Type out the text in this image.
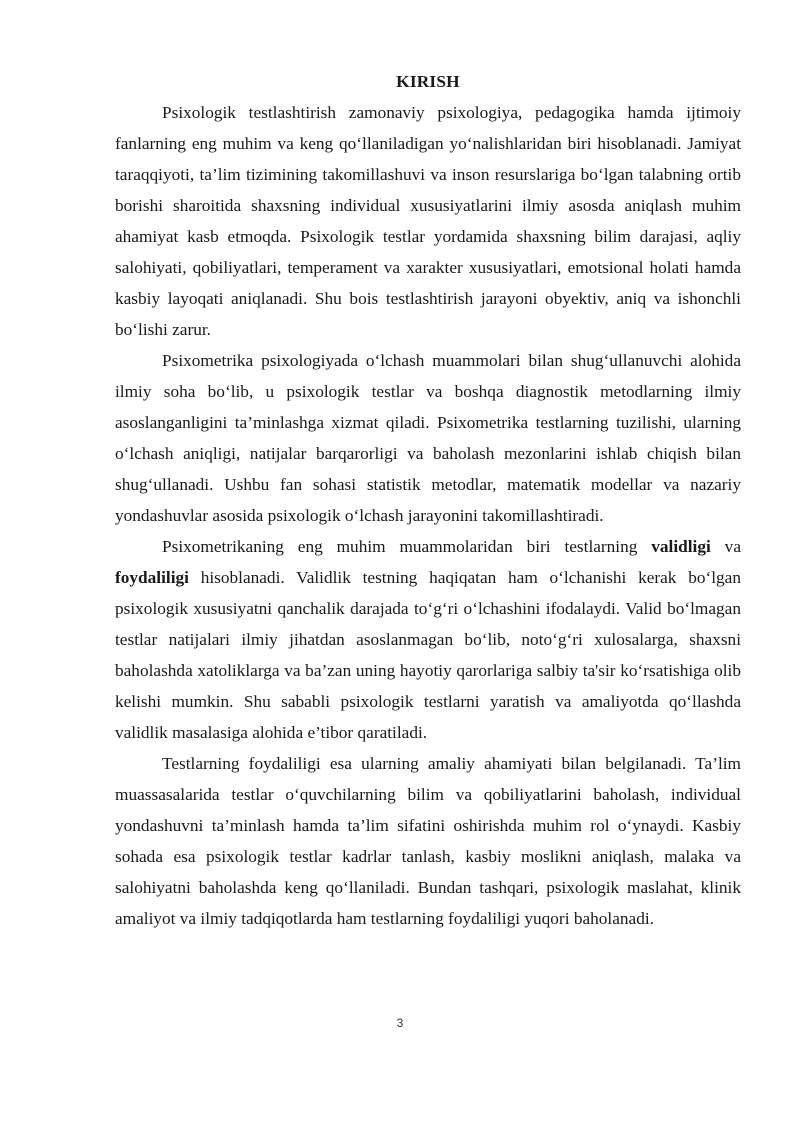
KIRISH

Psixologik testlashtirish zamonaviy psixologiya, pedagogika hamda ijtimoiy fanlarning eng muhim va keng qo‘llaniladigan yo‘nalishlaridan biri hisoblanadi. Jamiyat taraqqiyoti, ta’lim tizimining takomillashuvi va inson resurslariga bo‘lgan talabning ortib borishi sharoitida shaxsning individual xususiyatlarini ilmiy asosda aniqlash muhim ahamiyat kasb etmoqda. Psixologik testlar yordamida shaxsning bilim darajasi, aqliy salohiyati, qobiliyatlari, temperament va xarakter xususiyatlari, emotsional holati hamda kasbiy layoqati aniqlanadi. Shu bois testlashtirish jarayoni obyektiv, aniq va ishonchli bo‘lishi zarur.

Psixometrika psixologiyada o‘lchash muammolari bilan shug‘ullanuvchi alohida ilmiy soha bo‘lib, u psixologik testlar va boshqa diagnostik metodlarning ilmiy asoslanganligini ta’minlashga xizmat qiladi. Psixometrika testlarning tuzilishi, ularning o‘lchash aniqligi, natijalar barqarorligi va baholash mezonlarini ishlab chiqish bilan shug‘ullanadi. Ushbu fan sohasi statistik metodlar, matematik modellar va nazariy yondashuvlar asosida psixologik o‘lchash jarayonini takomillashtiradi.

Psixometrikaning eng muhim muammolaridan biri testlarning validligi va foydaliligi hisoblanadi. Validlik testning haqiqatan ham o‘lchanishi kerak bo‘lgan psixologik xususiyatni qanchalik darajada to‘g‘ri o‘lchashini ifodalaydi. Valid bo‘lmagan testlar natijalari ilmiy jihatdan asoslanmagan bo‘lib, noto‘g‘ri xulosalarga, shaxsni baholashda xatoliklarga va ba’zan uning hayotiy qarorlariga salbiy ta'sir ko‘rsatishiga olib kelishi mumkin. Shu sababli psixologik testlarni yaratish va amaliyotda qo‘llashda validlik masalasiga alohida e’tibor qaratiladi.

Testlarning foydaliligi esa ularning amaliy ahamiyati bilan belgilanadi. Ta’lim muassasalarida testlar o‘quvchilarning bilim va qobiliyatlarini baholash, individual yondashuvni ta’minlash hamda ta’lim sifatini oshirishda muhim rol o‘ynaydi. Kasbiy sohada esa psixologik testlar kadrlar tanlash, kasbiy moslikni aniqlash, malaka va salohiyatni baholashda keng qo‘llaniladi. Bundan tashqari, psixologik maslahat, klinik amaliyot va ilmiy tadqiqotlarda ham testlarning foydaliligi yuqori baholanadi.

3
